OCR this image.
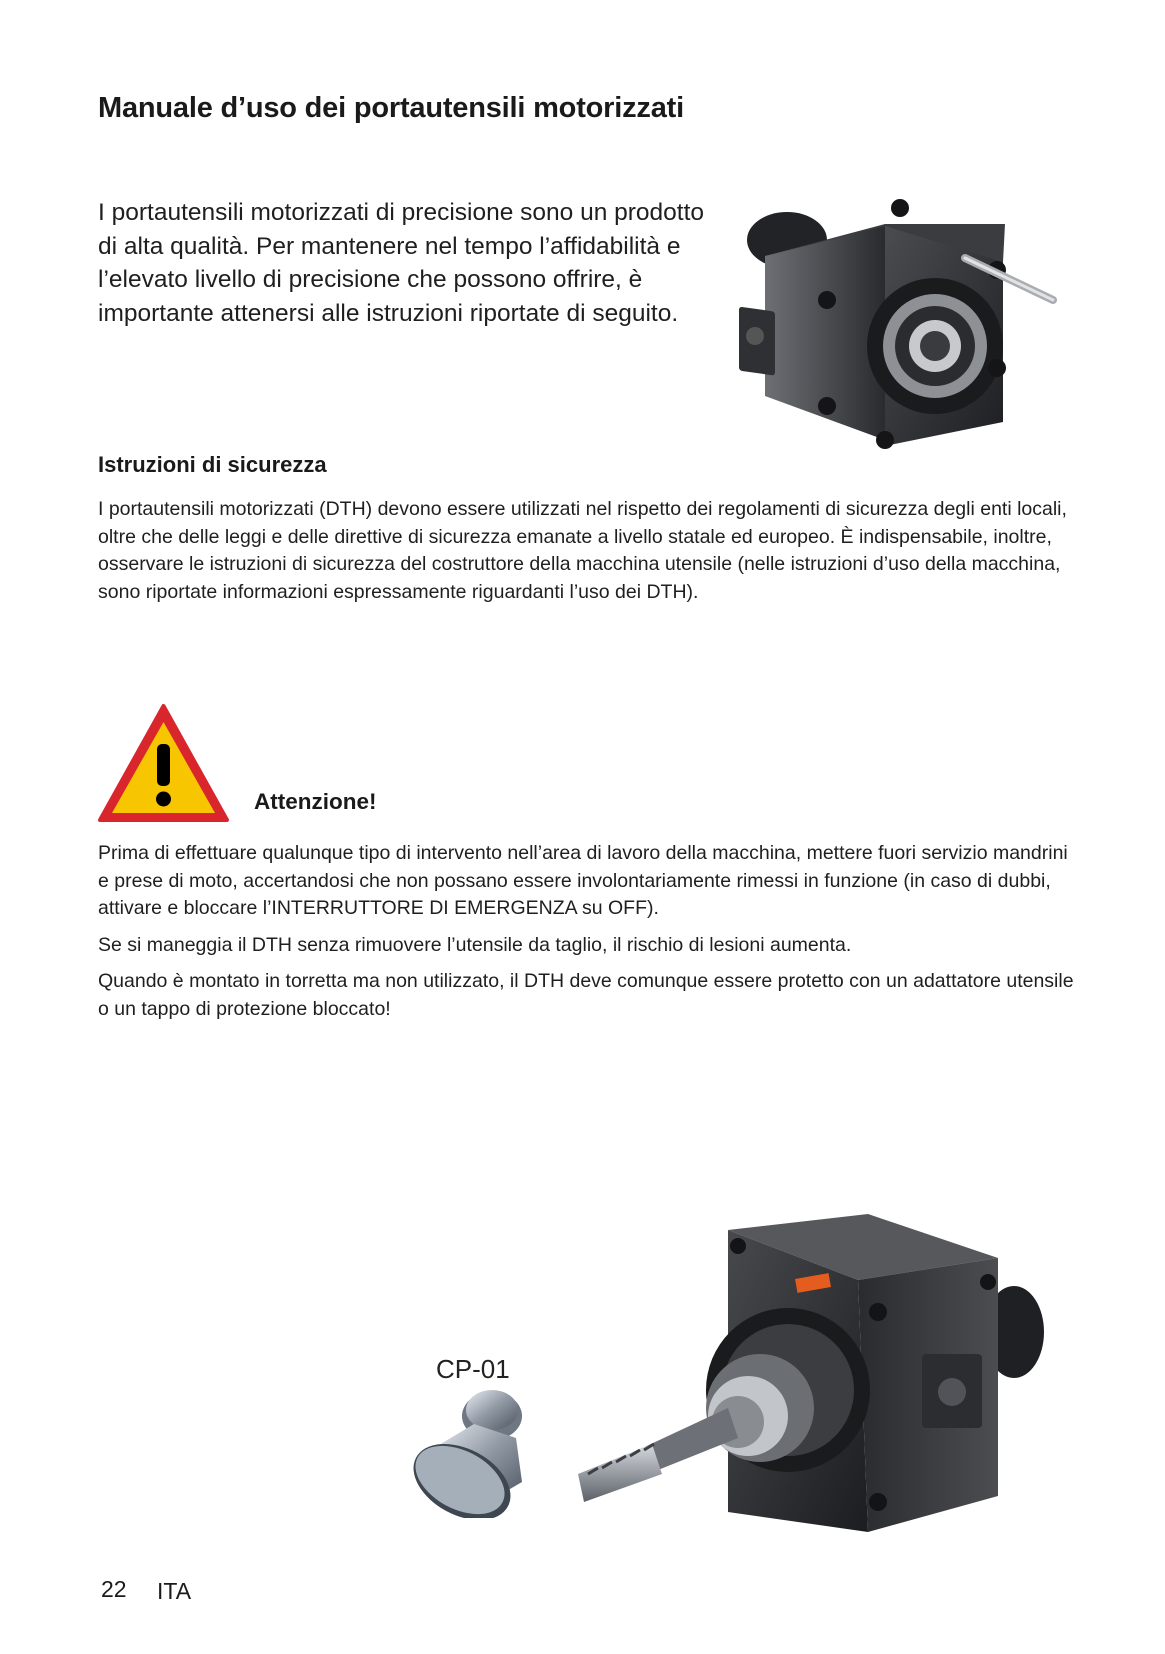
Manuale d’uso dei portautensili motorizzati
I portautensili motorizzati di precisione sono un prodotto di alta qualità. Per mantenere nel tempo l’affidabilità e l’elevato livello di precisione che possono offrire, è importante attenersi alle istruzioni riportate di seguito.
Istruzioni di sicurezza

I portautensili motorizzati (DTH) devono essere utilizzati nel rispetto dei regolamenti di sicurezza degli enti locali, oltre che delle leggi e delle direttive di sicurezza emanate a livello statale ed europeo. È indispensabile, inoltre, osservare le istruzioni di sicurezza del costruttore della macchina utensile (nelle istruzioni d’uso della macchina, sono riportate informazioni espressamente riguardanti l’uso dei DTH).

Attenzione!

Prima di effettuare qualunque tipo di intervento nell’area di lavoro della macchina, mettere fuori servizio mandrini e prese di moto, accertandosi che non possano essere involontariamente rimessi in funzione (in caso di dubbi, attivare e bloccare l’INTERRUTTORE DI EMERGENZA su OFF).

Se si maneggia il DTH senza rimuovere l’utensile da taglio, il rischio di lesioni aumenta.

Quando è montato in torretta ma non utilizzato, il DTH deve comunque essere protetto con un adattatore utensile o un tappo di protezione bloccato!

CP-01
22 ITA
